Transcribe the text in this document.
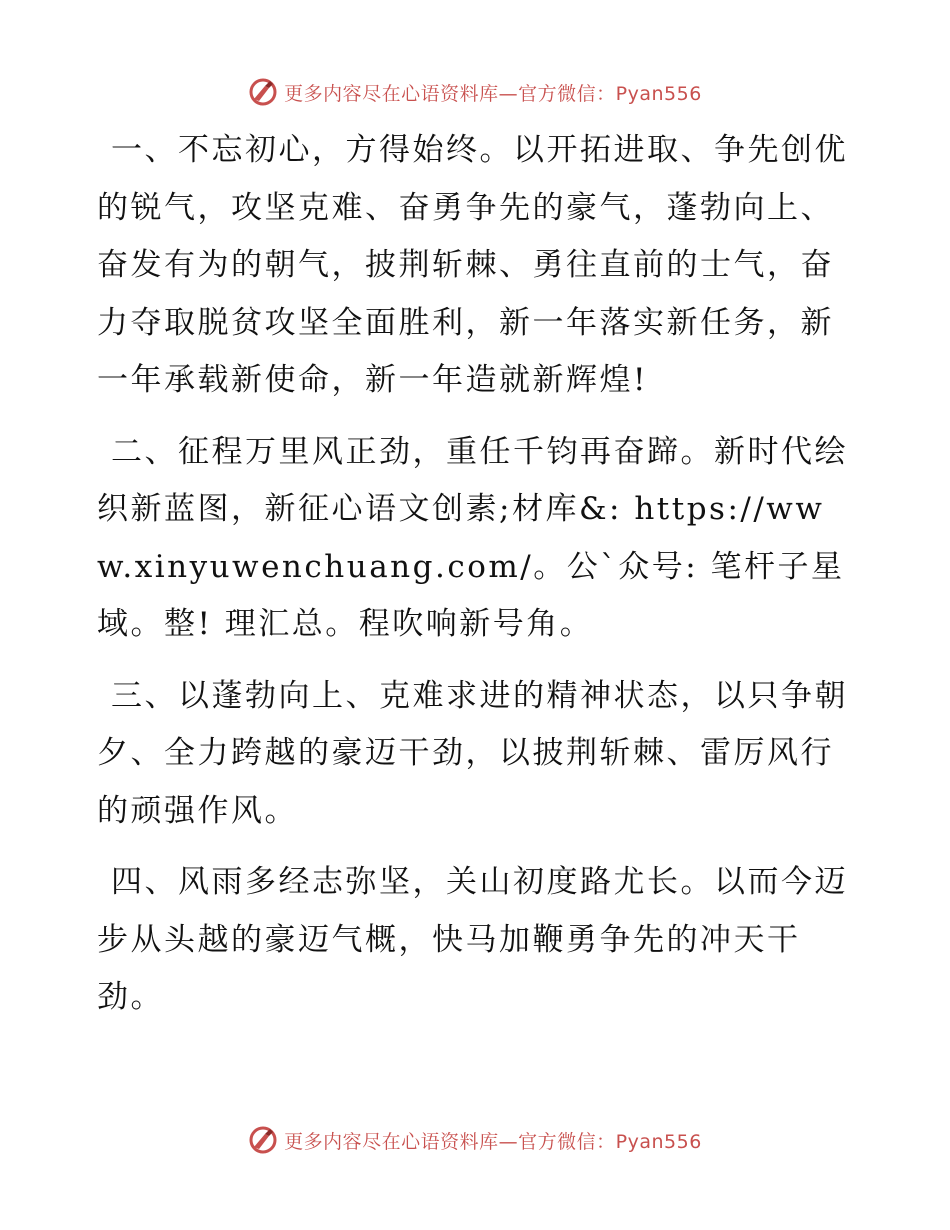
更多内容尽在心语资料库—官方微信：Pyan556

一、不忘初心，方得始终。以开拓进取、争先创优的锐气，攻坚克难、奋勇争先的豪气，蓬勃向上、奋发有为的朝气，披荆斩棘、勇往直前的士气，奋力夺取脱贫攻坚全面胜利，新一年落实新任务，新一年承载新使命，新一年造就新辉煌!

二、征程万里风正劲，重任千钧再奋蹄。新时代绘织新蓝图，新征心语文创素;材库&: https://www.xinyuwenchuang.com/。公`众号: 笔杆子星域。整! 理汇总。程吹响新号角。

三、以蓬勃向上、克难求进的精神状态，以只争朝夕、全力跨越的豪迈干劲，以披荆斩棘、雷厉风行的顽强作风。

四、风雨多经志弥坚，关山初度路尤长。以而今迈步从头越的豪迈气概，快马加鞭勇争先的冲天干劲。

更多内容尽在心语资料库—官方微信：Pyan556
